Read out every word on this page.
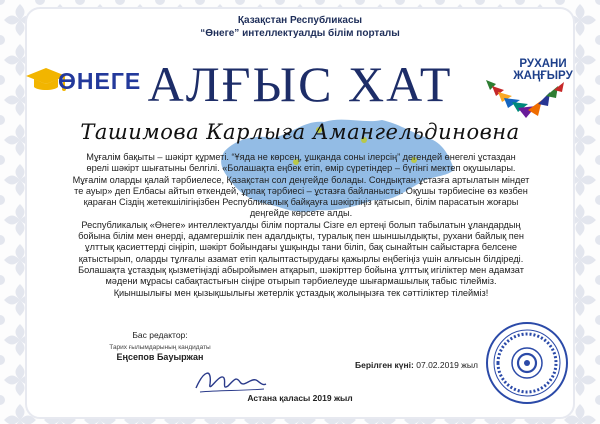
Қазақстан Республикасы
“Өнеге” интеллектуалды білім порталы
ӨНЕГЕ АЛҒЫС ХАТ	РУХАНИ
ЖАҢҒЫРУ
Ташимова Карлыға Амангельдиновна

Мұғалім бақыты – шәкірт құрметі. “Ұяда не көрсең, ұшқанда соны ілерсің” дегендей өнегелі ұстаздан

өрелі шәкірт шығатыны белгілі. «Болашақта еңбек етіп, өмір сүретіндер – бүгінгі мектеп оқушылары.

Мұғалім оларды қалай тәрбиелесе, Қазақстан сол деңгейде болады. Сондықтан ұстазға артылатын міндет

те ауыр» деп Елбасы айтып өткендей, ұрпақ тәрбиесі – ұстазға байланысты. Оқушы тәрбиесіне өз көзбен

қараған Сіздің жетекшілігіңізбен Республикалық байқауға шәкіртіңіз қатысып, білім парасатын жоғары

деңгейде көрсете алды.

Республикалық «Өнеге» интеллектуалды білім порталы Сізге ел ертеңі болып табылатын ұландардың

бойына білім мен өнерді, адамгершілік пен адалдықты, туралық пен шыншылдықты, рухани байлық пен

ұлттық қасиеттерді сіңіріп, шәкірт бойындағы ұшқынды тани біліп, бақ сынайтын сайыстарға белсене

қатыстырып, оларды тұлғалы азамат етіп қалыптастырудағы қажырлы еңбегіңіз үшін алғысын білдіреді.

Болашақта ұстаздық қызметіңізді абыройымен атқарып, шәкірттер бойына ұлттық игіліктер мен адамзат

мәдени мұрасы сабақтастығын сіңіре отырып тәрбиелеуде шығармашылық табыс тілейміз.

Қиыншылығы мен қызықшылығы жетерлік ұстаздық жолыңызға тек сәттіліктер тілейміз!

Бас редактор:
Тарих ғылымдарының кандидаты
Еңсепов Бауыржан
Берілген күні: 07.02.2019 жыл
Астана қаласы 2019 жыл
